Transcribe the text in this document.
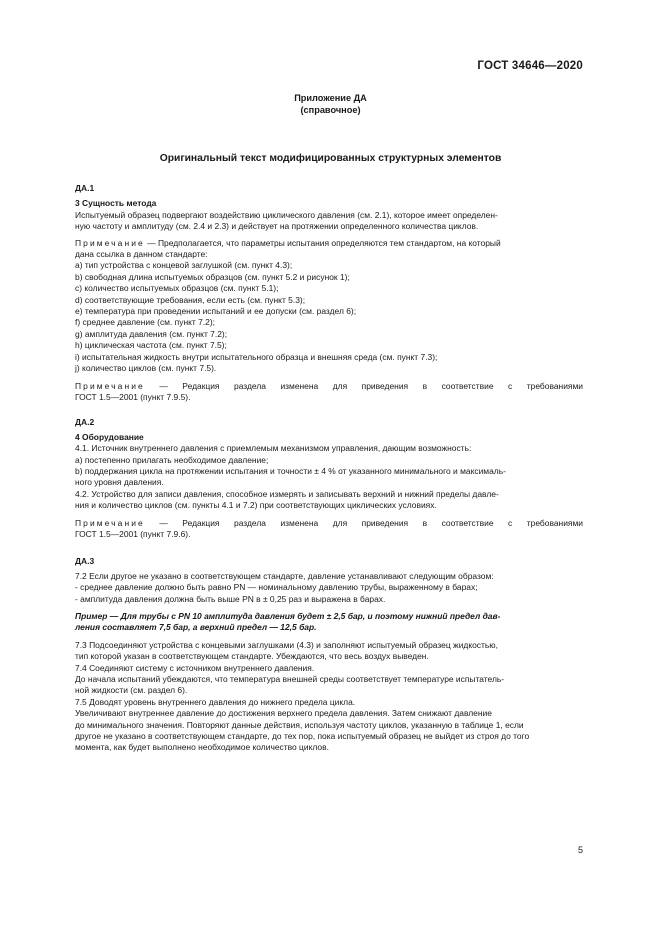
ГОСТ 34646—2020
Приложение ДА
(справочное)
Оригинальный текст модифицированных структурных элементов
ДА.1
3 Сущность метода
Испытуемый образец подвергают воздействию циклического давления (см. 2.1), которое имеет определен-
ную частоту и амплитуду (см. 2.4 и 2.3) и действует на протяжении определенного количества циклов.
Примечание — Предполагается, что параметры испытания определяются тем стандартом, на который
дана ссылка в данном стандарте:
a) тип устройства с концевой заглушкой (см. пункт 4.3);
b) свободная длина испытуемых образцов (см. пункт 5.2 и рисунок 1);
c) количество испытуемых образцов (см. пункт 5.1);
d) соответствующие требования, если есть (см. пункт 5.3);
e) температура при проведении испытаний и ее допуски (см. раздел 6);
f) среднее давление (см. пункт 7.2);
g) амплитуда давления (см. пункт 7.2);
h) циклическая частота (см. пункт 7.5);
i) испытательная жидкость внутри испытательного образца и внешняя среда (см. пункт 7.3);
j) количество циклов (см. пункт 7.5).
Примечание — Редакция раздела изменена для приведения в соответствие с требованиями
ГОСТ 1.5—2001 (пункт 7.9.5).
ДА.2
4 Оборудование
4.1. Источник внутреннего давления с приемлемым механизмом управления, дающим возможность:
a) постепенно прилагать необходимое давление;
b) поддержания цикла на протяжении испытания и точности ± 4 % от указанного минимального и максималь-
ного уровня давления.
4.2. Устройство для записи давления, способное измерять и записывать верхний и нижний пределы давле-
ния и количество циклов (см. пункты 4.1 и 7.2) при соответствующих циклических условиях.
Примечание — Редакция раздела изменена для приведения в соответствие с требованиями
ГОСТ 1.5—2001 (пункт 7.9.6).
ДА.3
7.2 Если другое не указано в соответствующем стандарте, давление устанавливают следующим образом:
- среднее давление должно быть равно PN — номинальному давлению трубы, выраженному в барах;
- амплитуда давления должна быть выше PN в ± 0,25 раз и выражена в барах.
Пример — Для трубы с PN 10 амплитуда давления будет ± 2,5 бар, и поэтому нижний предел дав-
ления составляет 7,5 бар, а верхний предел — 12,5 бар.
7.3 Подсоединяют устройства с концевыми заглушками (4.3) и заполняют испытуемый образец жидкостью,
тип которой указан в соответствующем стандарте. Убеждаются, что весь воздух выведен.
7.4 Соединяют систему с источником внутреннего давления.
До начала испытаний убеждаются, что температура внешней среды соответствует температуре испытатель-
ной жидкости (см. раздел 6).
7.5 Доводят уровень внутреннего давления до нижнего предела цикла.
Увеличивают внутреннее давление до достижения верхнего предела давления. Затем снижают давление
до минимального значения. Повторяют данные действия, используя частоту циклов, указанную в таблице 1, если
другое не указано в соответствующем стандарте, до тех пор, пока испытуемый образец не выйдет из строя до того
момента, как будет выполнено необходимое количество циклов.
5
